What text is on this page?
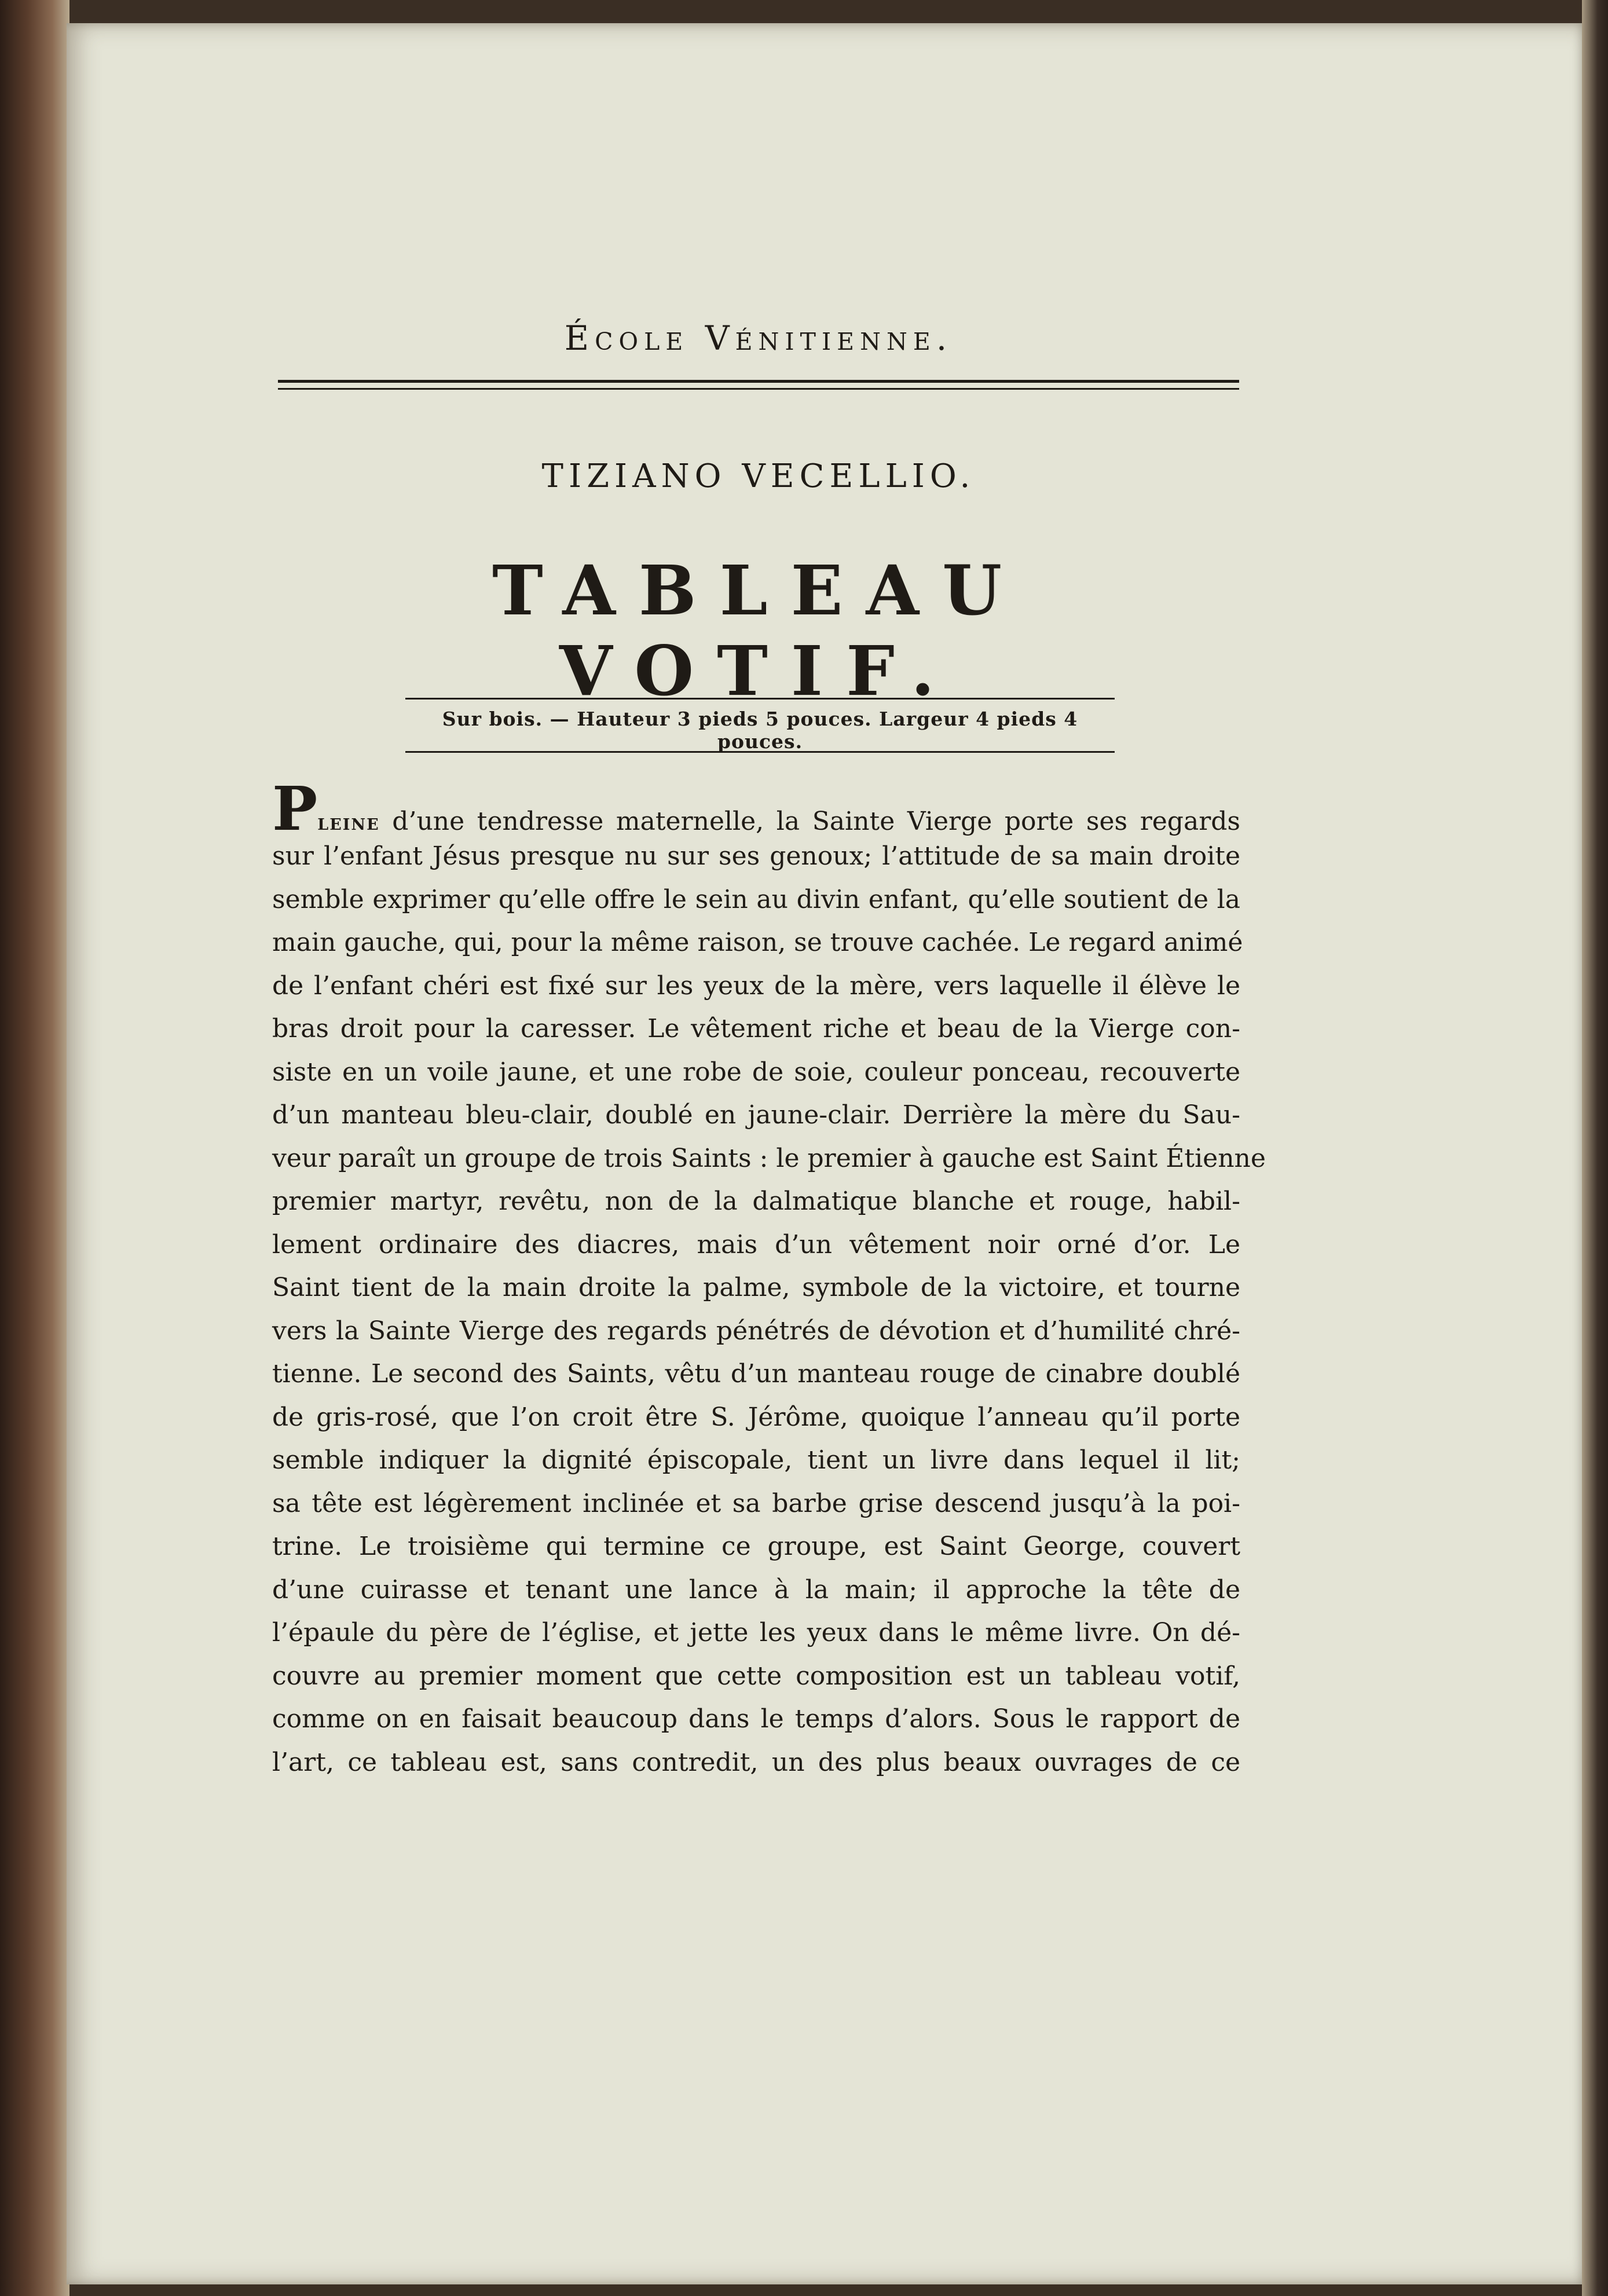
École Vénitienne.
TIZIANO VECELLIO.
TABLEAU VOTIF.
Sur bois. — Hauteur 3 pieds 5 pouces. Largeur 4 pieds 4 pouces.
Pleine d’une tendresse maternelle, la Sainte Vierge porte ses regards
sur l’enfant Jésus presque nu sur ses genoux; l’attitude de sa main droite
semble exprimer qu’elle offre le sein au divin enfant, qu’elle soutient de la
main gauche, qui, pour la même raison, se trouve cachée. Le regard animé
de l’enfant chéri est fixé sur les yeux de la mère, vers laquelle il élève le
bras droit pour la caresser. Le vêtement riche et beau de la Vierge con-
siste en un voile jaune, et une robe de soie, couleur ponceau, recouverte
d’un manteau bleu-clair, doublé en jaune-clair. Derrière la mère du Sau-
veur paraît un groupe de trois Saints : le premier à gauche est Saint Étienne
premier martyr, revêtu, non de la dalmatique blanche et rouge, habil-
lement ordinaire des diacres, mais d’un vêtement noir orné d’or. Le
Saint tient de la main droite la palme, symbole de la victoire, et tourne
vers la Sainte Vierge des regards pénétrés de dévotion et d’humilité chré-
tienne. Le second des Saints, vêtu d’un manteau rouge de cinabre doublé
de gris-rosé, que l’on croit être S. Jérôme, quoique l’anneau qu’il porte
semble indiquer la dignité épiscopale, tient un livre dans lequel il lit;
sa tête est légèrement inclinée et sa barbe grise descend jusqu’à la poi-
trine. Le troisième qui termine ce groupe, est Saint George, couvert
d’une cuirasse et tenant une lance à la main; il approche la tête de
l’épaule du père de l’église, et jette les yeux dans le même livre. On dé-
couvre au premier moment que cette composition est un tableau votif,
comme on en faisait beaucoup dans le temps d’alors. Sous le rapport de
l’art, ce tableau est, sans contredit, un des plus beaux ouvrages de ce
